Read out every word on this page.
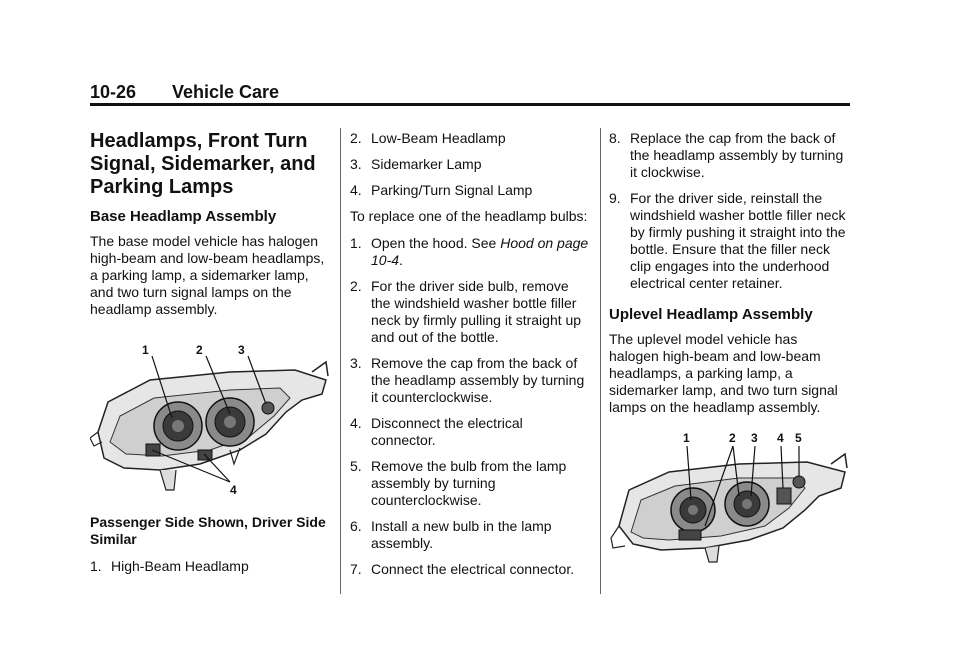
10-26 Vehicle Care
Headlamps, Front Turn Signal, Sidemarker, and Parking Lamps
Base Headlamp Assembly

The base model vehicle has halogen high-beam and low-beam headlamps, a parking lamp, a sidemarker lamp, and two turn signal lamps on the headlamp assembly.

1	2	3
4

Passenger Side Shown, Driver Side Similar

1. High-Beam Headlamp
2. Low-Beam Headlamp
3. Sidemarker Lamp
4. Parking/Turn Signal Lamp

To replace one of the headlamp bulbs:

1. Open the hood. See Hood on page 10-4.
2. For the driver side bulb, remove the windshield washer bottle filler neck by firmly pulling it straight up and out of the bottle.
3. Remove the cap from the back of the headlamp assembly by turning it counterclockwise.
4. Disconnect the electrical connector.
5. Remove the bulb from the lamp assembly by turning counterclockwise.
6. Install a new bulb in the lamp assembly.
7. Connect the electrical connector.
8. Replace the cap from the back of the headlamp assembly by turning it clockwise.
9. For the driver side, reinstall the windshield washer bottle filler neck by firmly pushing it straight into the bottle. Ensure that the filler neck clip engages into the underhood electrical center retainer.
Uplevel Headlamp Assembly

The uplevel model vehicle has halogen high-beam and low-beam headlamps, a parking lamp, a sidemarker lamp, and two turn signal lamps on the headlamp assembly.

1	2 3 4 5
